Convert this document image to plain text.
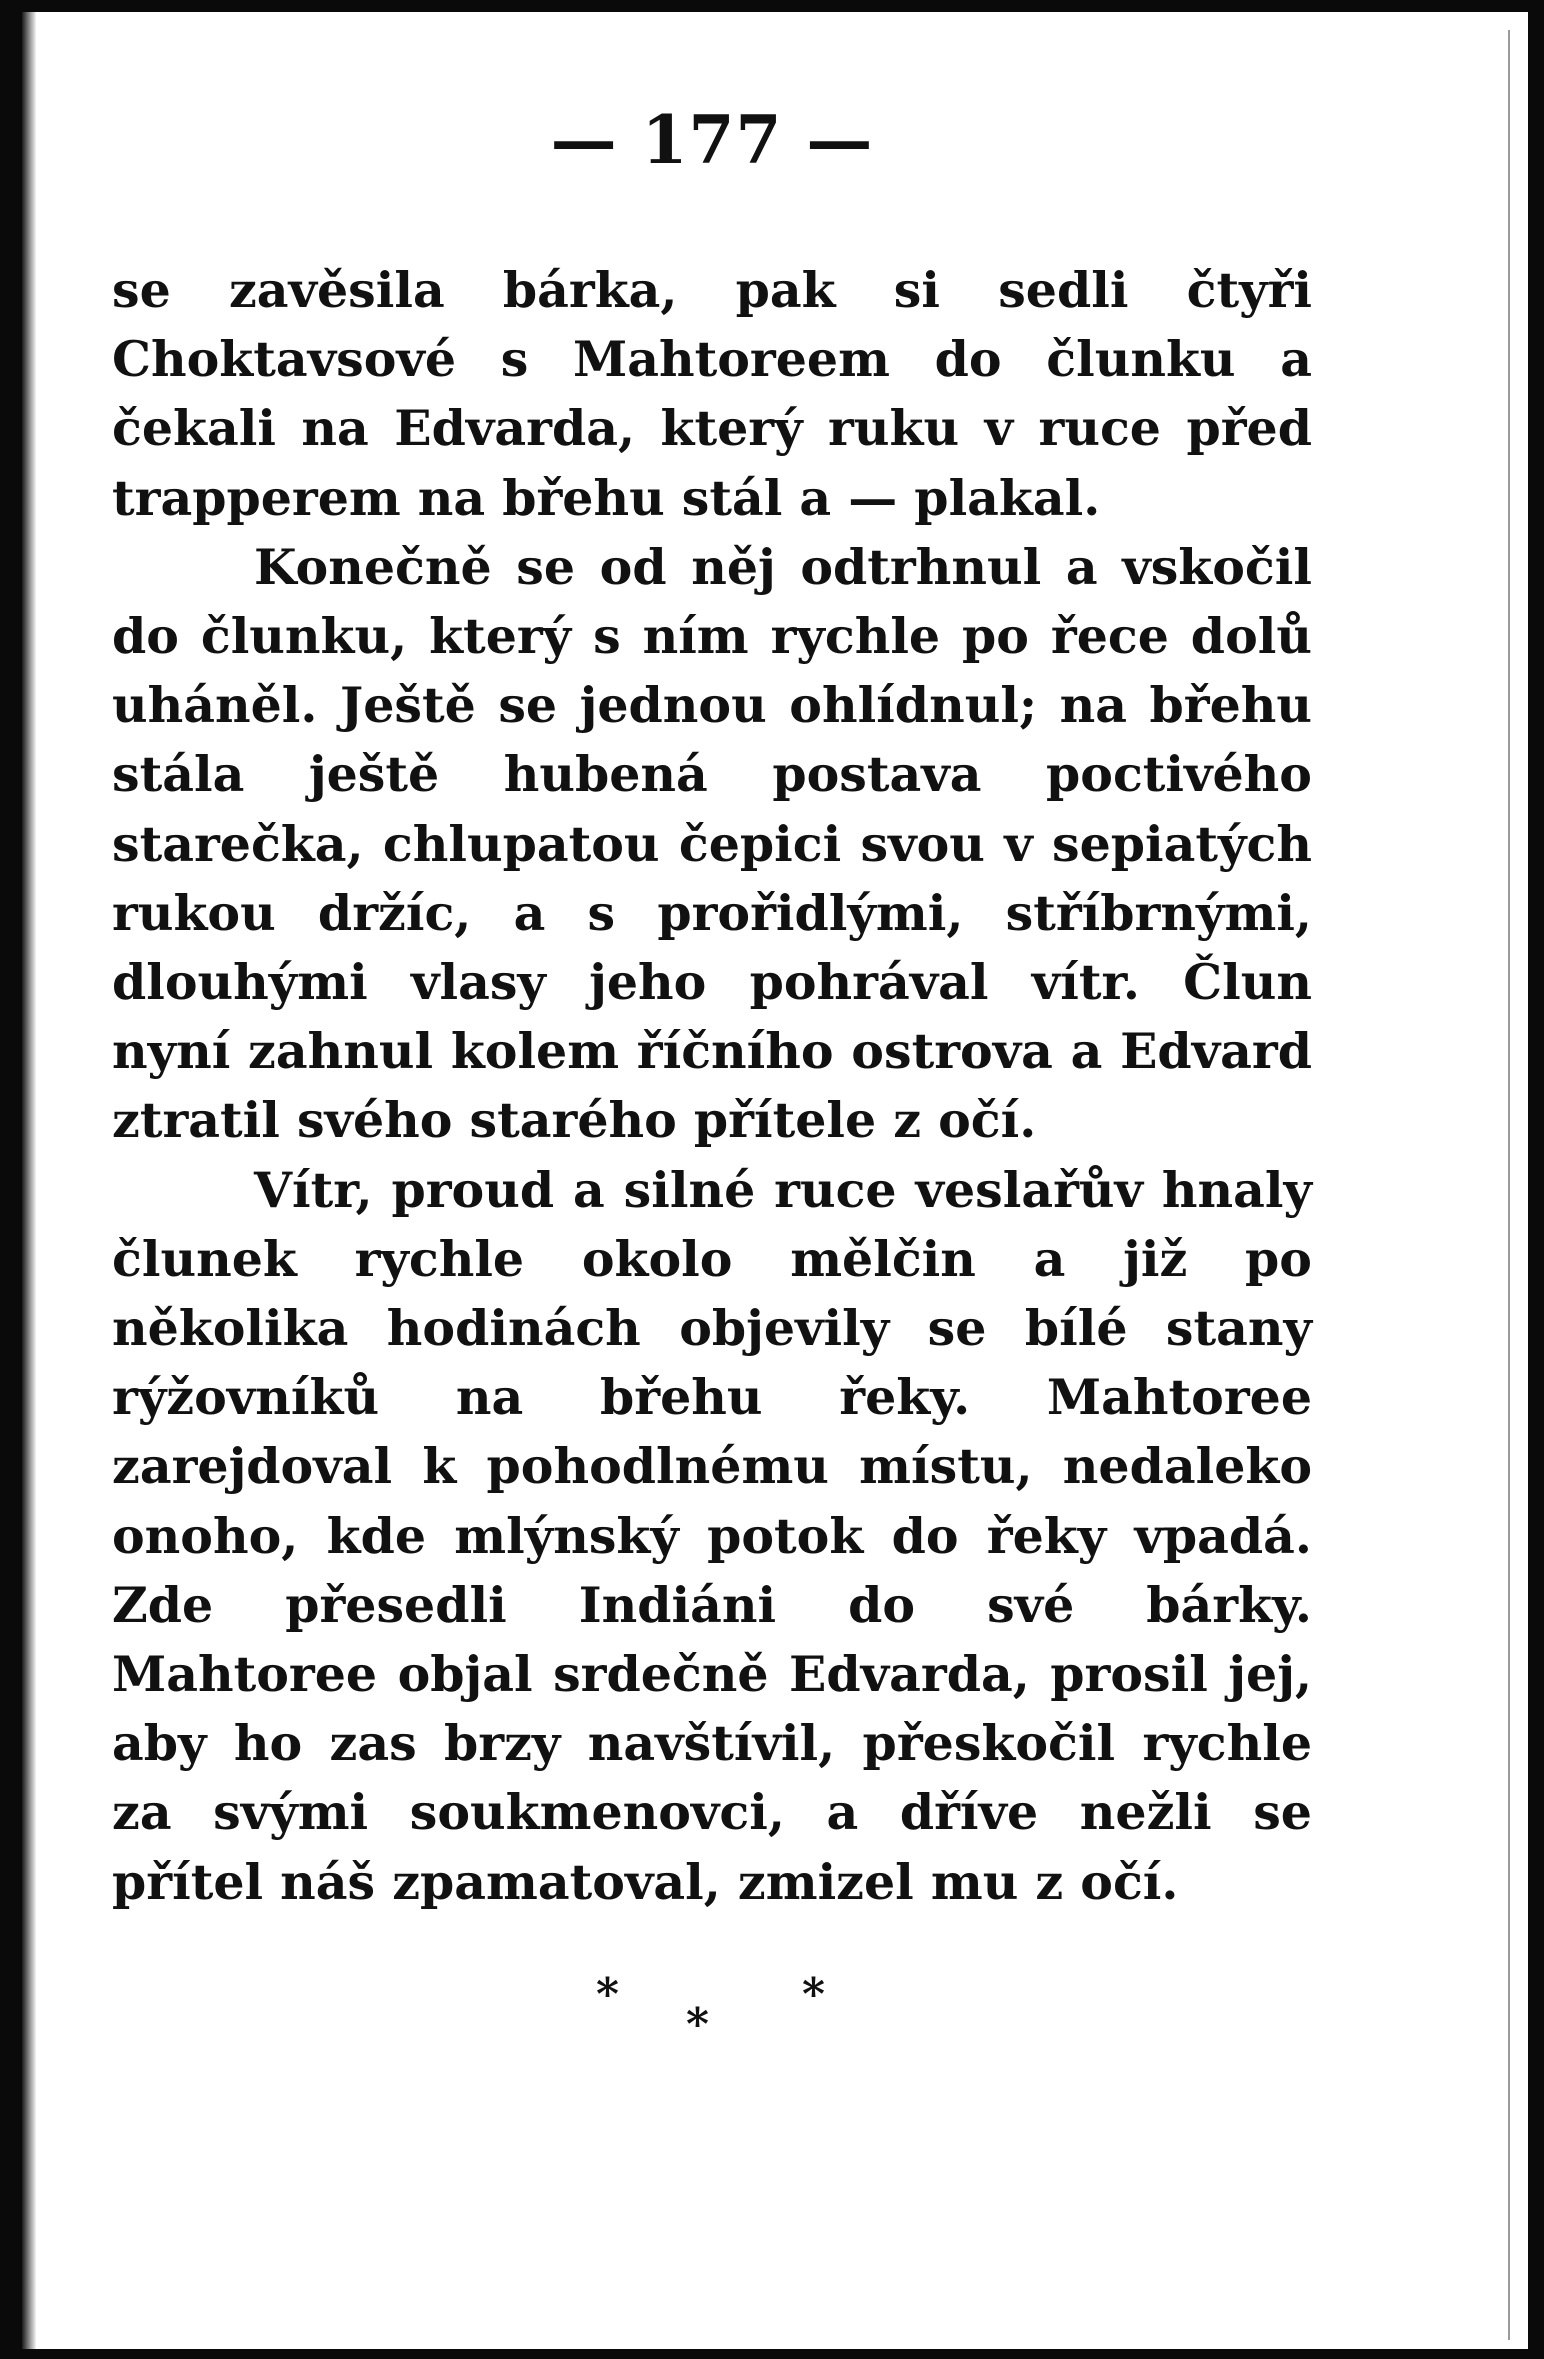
— 177 —

se zavěsila bárka, pak si sedli čtyři Choktavsové s Mahtoreem do člunku a čekali na Edvarda, který ruku v ruce před trapperem na břehu stál a — plakal.

Konečně se od něj odtrhnul a vskočil do člunku, který s ním rychle po řece dolů uháněl. Ještě se jednou ohlídnul; na břehu stála ještě hubená postava poctivého starečka, chlupatou čepici svou v sepiatých rukou držíc, a s prořidlými, stříbrnými, dlouhými vlasy jeho pohrával vítr. Člun nyní zahnul kolem říčního ostrova a Edvard ztratil svého starého přítele z očí.

Vítr, proud a silné ruce veslařův hnaly člunek rychle okolo mělčin a již po několika hodinách objevily se bílé stany rýžovníků na břehu řeky. Mahtoree zarejdoval k pohodlnému místu, nedaleko onoho, kde mlýnský potok do řeky vpadá. Zde přesedli Indiáni do své bárky. Mahtoree objal srdečně Edvarda, prosil jej, aby ho zas brzy navštívil, přeskočil rychle za svými soukmenovci, a dříve nežli se přítel náš zpamatoval, zmizel mu z očí.

*
*
*
